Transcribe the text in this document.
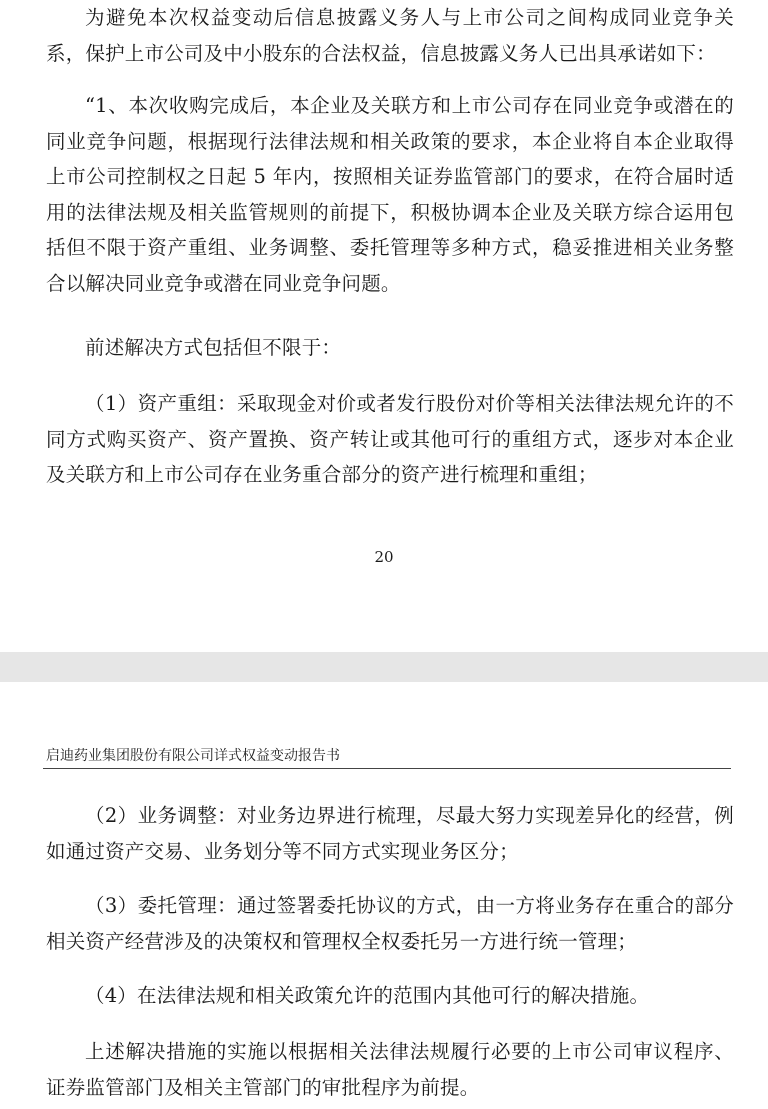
为避免本次权益变动后信息披露义务人与上市公司之间构成同业竞争关系，保护上市公司及中小股东的合法权益，信息披露义务人已出具承诺如下：

“1、本次收购完成后，本企业及关联方和上市公司存在同业竞争或潜在的同业竞争问题，根据现行法律法规和相关政策的要求，本企业将自本企业取得上市公司控制权之日起 5 年内，按照相关证券监管部门的要求，在符合届时适用的法律法规及相关监管规则的前提下，积极协调本企业及关联方综合运用包括但不限于资产重组、业务调整、委托管理等多种方式，稳妥推进相关业务整合以解决同业竞争或潜在同业竞争问题。

前述解决方式包括但不限于：

（1）资产重组：采取现金对价或者发行股份对价等相关法律法规允许的不同方式购买资产、资产置换、资产转让或其他可行的重组方式，逐步对本企业及关联方和上市公司存在业务重合部分的资产进行梳理和重组；

20
启迪药业集团股份有限公司详式权益变动报告书

（2）业务调整：对业务边界进行梳理，尽最大努力实现差异化的经营，例如通过资产交易、业务划分等不同方式实现业务区分；

（3）委托管理：通过签署委托协议的方式，由一方将业务存在重合的部分相关资产经营涉及的决策权和管理权全权委托另一方进行统一管理；

（4）在法律法规和相关政策允许的范围内其他可行的解决措施。

上述解决措施的实施以根据相关法律法规履行必要的上市公司审议程序、证券监管部门及相关主管部门的审批程序为前提。
